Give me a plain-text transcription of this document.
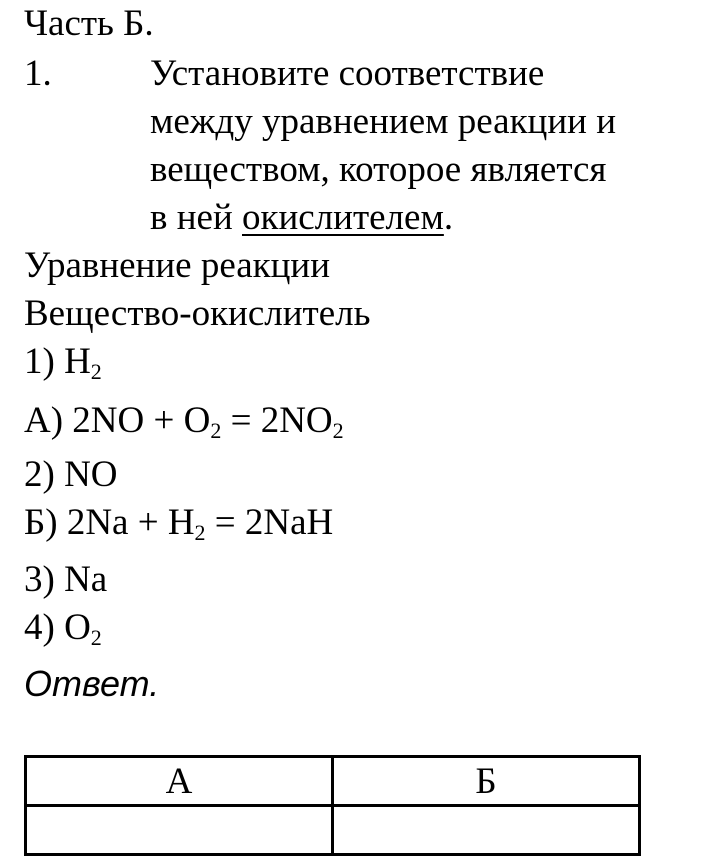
Часть Б.
1.	Установите соответствие
между уравнением реакции и
веществом, которое является
в ней окислителем.
Уравнение реакции
Вещество-окислитель
1) $H_2$
А) $2NO + O_2 = 2NO_2$
2) NO
Б) $2Na + H_2 = 2NaH$
3) Na
4) $O_2$
Ответ.
А	Б
